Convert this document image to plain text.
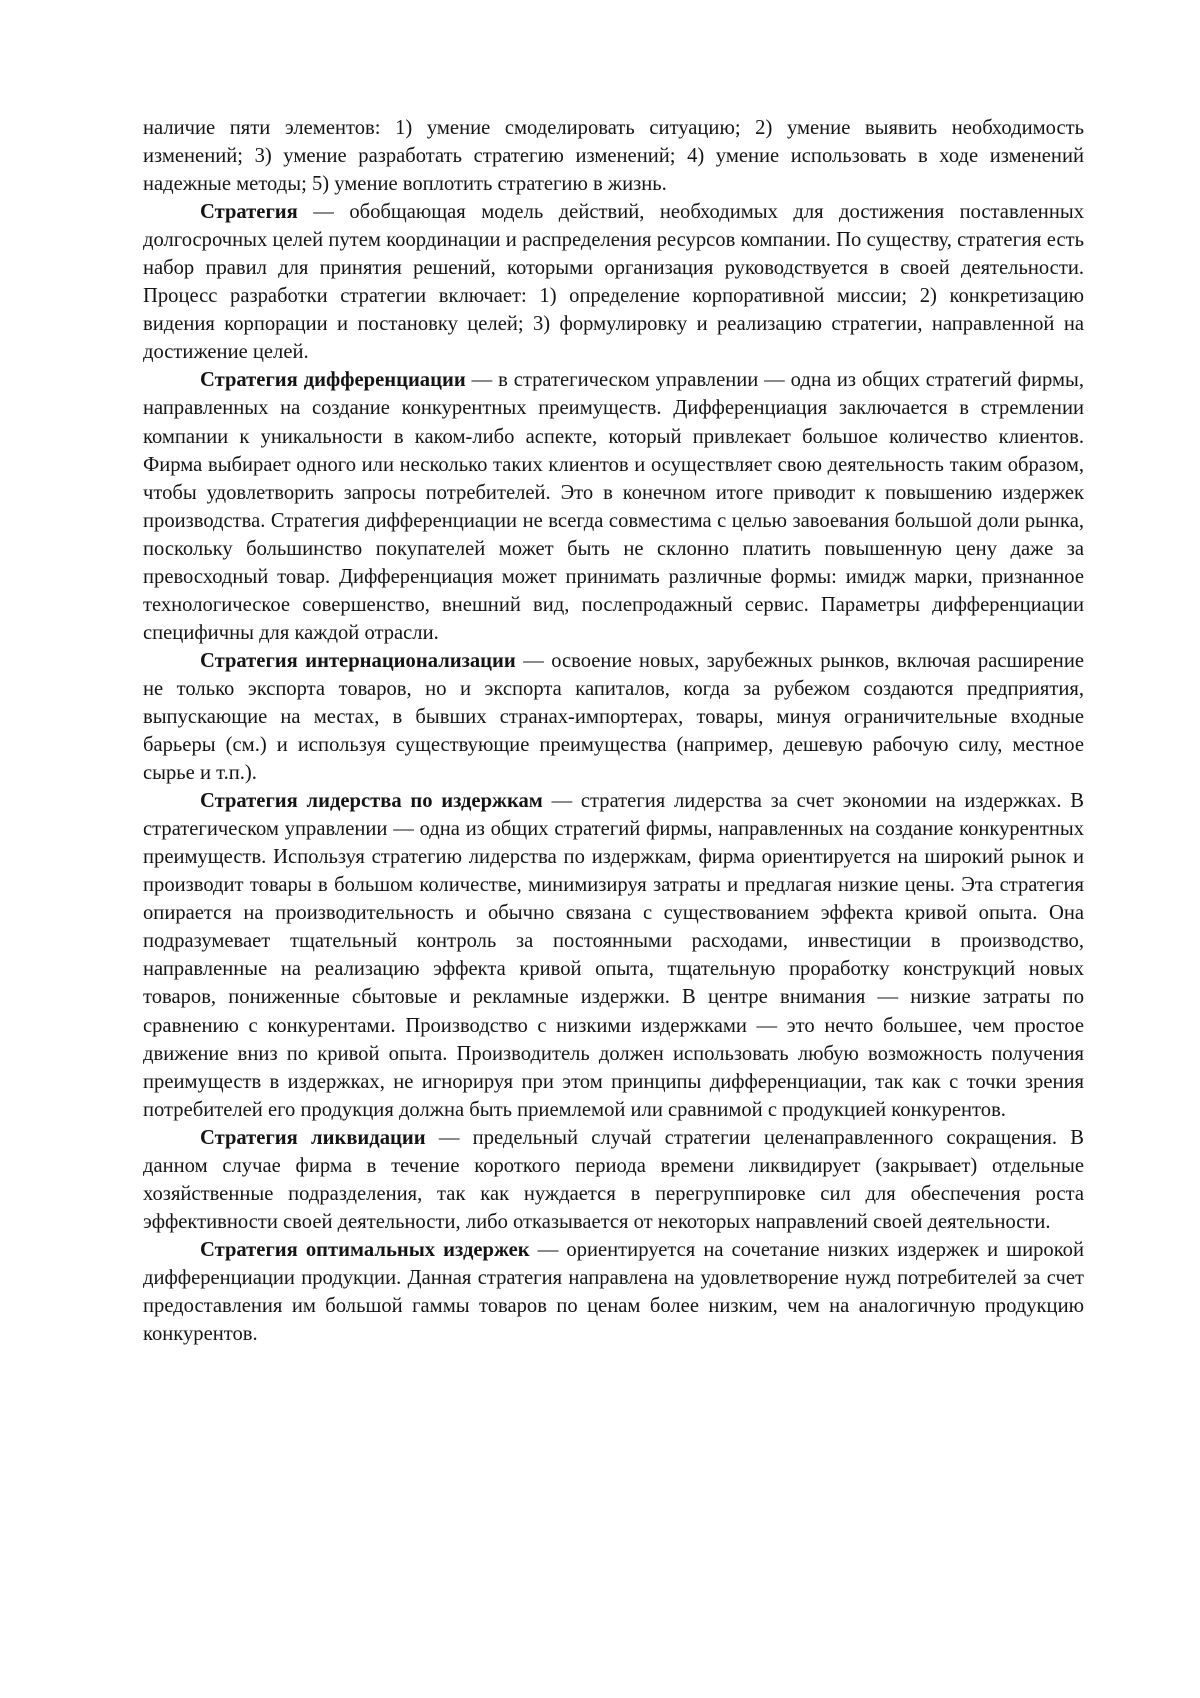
наличие пяти элементов: 1) умение смоделировать ситуацию; 2) умение выявить необходимость изменений; 3) умение разработать стратегию изменений; 4) умение использовать в ходе изменений надежные методы; 5) умение воплотить стратегию в жизнь.

Стратегия — обобщающая модель действий, необходимых для достижения поставленных долгосрочных целей путем координации и распределения ресурсов компании. По существу, стратегия есть набор правил для принятия решений, которыми организация руководствуется в своей деятельности. Процесс разработки стратегии включает: 1) определение корпоративной миссии; 2) конкретизацию видения корпорации и постановку целей; 3) формулировку и реализацию стратегии, направленной на достижение целей.

Стратегия дифференциации — в стратегическом управлении — одна из общих стратегий фирмы, направленных на создание конкурентных преимуществ. Дифференциация заключается в стремлении компании к уникальности в каком-либо аспекте, который привлекает большое количество клиентов. Фирма выбирает одного или несколько таких клиентов и осуществляет свою деятельность таким образом, чтобы удовлетворить запросы потребителей. Это в конечном итоге приводит к повышению издержек производства. Стратегия дифференциации не всегда совместима с целью завоевания большой доли рынка, поскольку большинство покупателей может быть не склонно платить повышенную цену даже за превосходный товар. Дифференциация может принимать различные формы: имидж марки, признанное технологическое совершенство, внешний вид, послепродажный сервис. Параметры дифференциации специфичны для каждой отрасли.

Стратегия интернационализации — освоение новых, зарубежных рынков, включая расширение не только экспорта товаров, но и экспорта капиталов, когда за рубежом создаются предприятия, выпускающие на местах, в бывших странах-импортерах, товары, минуя ограничительные входные барьеры (см.) и используя существующие преимущества (например, дешевую рабочую силу, местное сырье и т.п.).

Стратегия лидерства по издержкам — стратегия лидерства за счет экономии на издержках. В стратегическом управлении — одна из общих стратегий фирмы, направленных на создание конкурентных преимуществ. Используя стратегию лидерства по издержкам, фирма ориентируется на широкий рынок и производит товары в большом количестве, минимизируя затраты и предлагая низкие цены. Эта стратегия опирается на производительность и обычно связана с существованием эффекта кривой опыта. Она подразумевает тщательный контроль за постоянными расходами, инвестиции в производство, направленные на реализацию эффекта кривой опыта, тщательную проработку конструкций новых товаров, пониженные сбытовые и рекламные издержки. В центре внимания — низкие затраты по сравнению с конкурентами. Производство с низкими издержками — это нечто большее, чем простое движение вниз по кривой опыта. Производитель должен использовать любую возможность получения преимуществ в издержках, не игнорируя при этом принципы дифференциации, так как с точки зрения потребителей его продукция должна быть приемлемой или сравнимой с продукцией конкурентов.

Стратегия ликвидации — предельный случай стратегии целенаправленного сокращения. В данном случае фирма в течение короткого периода времени ликвидирует (закрывает) отдельные хозяйственные подразделения, так как нуждается в перегруппировке сил для обеспечения роста эффективности своей деятельности, либо отказывается от некоторых направлений своей деятельности.

Стратегия оптимальных издержек — ориентируется на сочетание низких издержек и широкой дифференциации продукции. Данная стратегия направлена на удовлетворение нужд потребителей за счет предоставления им большой гаммы товаров по ценам более низким, чем на аналогичную продукцию конкурентов.
